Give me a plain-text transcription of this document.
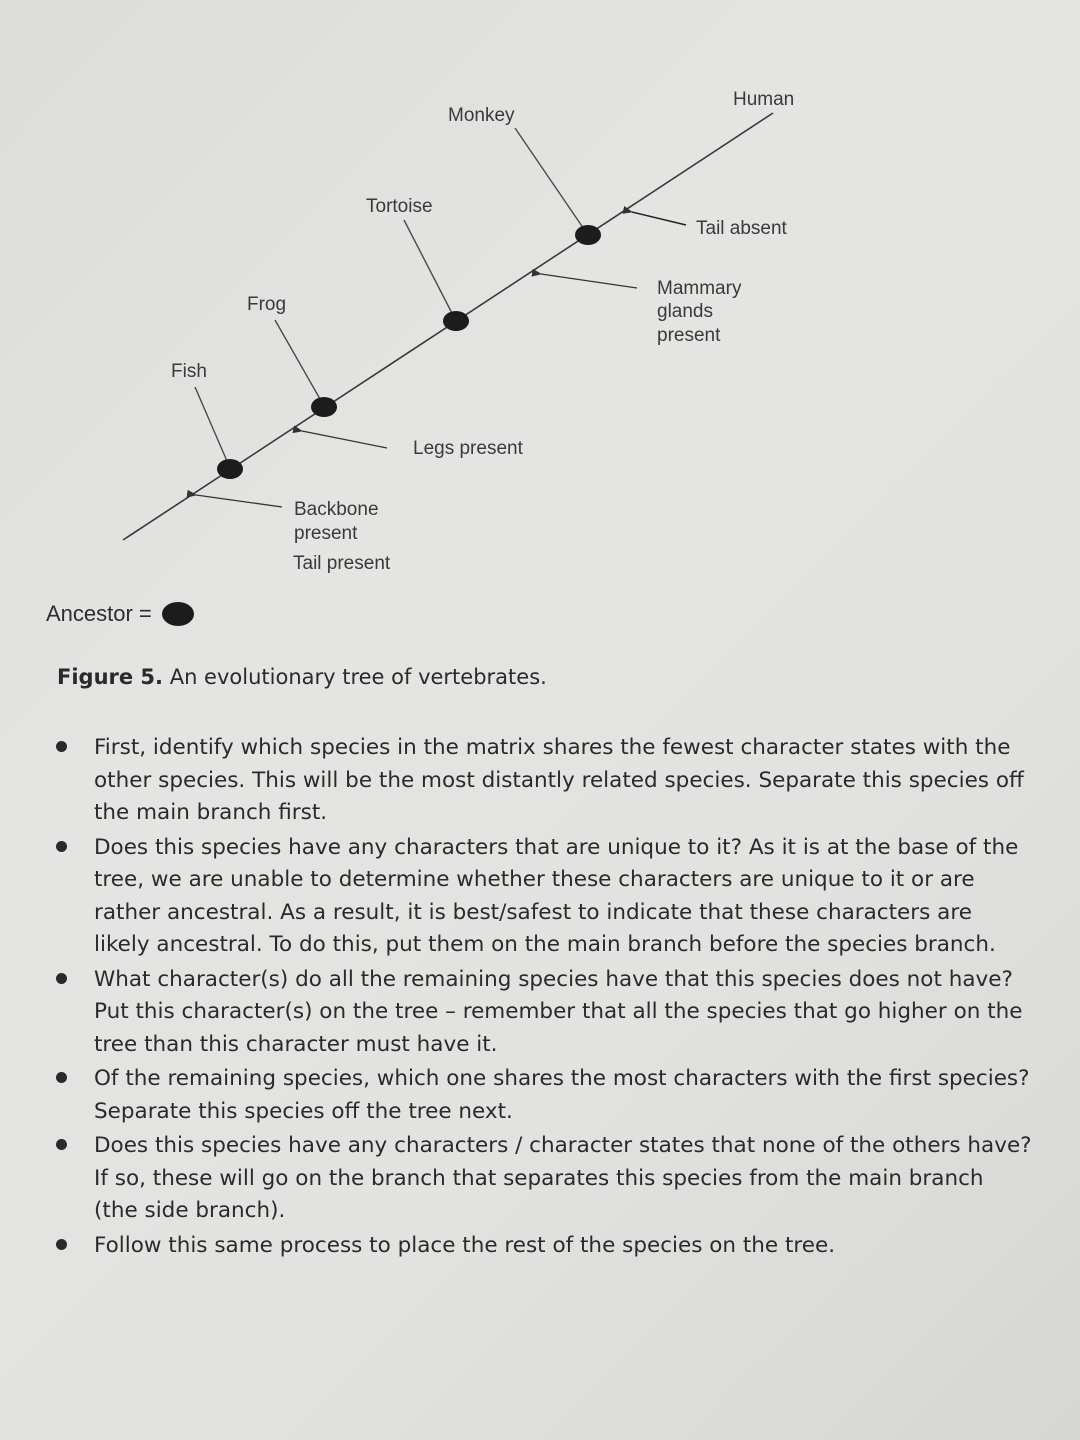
Fish
Frog
Tortoise
Monkey
Human
Backbone
present
Tail present
Legs present
Mammary
glands
present
Tail absent
Ancestor =
Figure 5. An evolutionary tree of vertebrates.
First, identify which species in the matrix shares the fewest character states with the other species. This will be the most distantly related species. Separate this species off the main branch first.
Does this species have any characters that are unique to it? As it is at the base of the tree, we are unable to determine whether these characters are unique to it or are rather ancestral. As a result, it is best/safest to indicate that these characters are likely ancestral. To do this, put them on the main branch before the species branch.
What character(s) do all the remaining species have that this species does not have? Put this character(s) on the tree – remember that all the species that go higher on the tree than this character must have it.
Of the remaining species, which one shares the most characters with the first species? Separate this species off the tree next.
Does this species have any characters / character states that none of the others have? If so, these will go on the branch that separates this species from the main branch (the side branch).
Follow this same process to place the rest of the species on the tree.
